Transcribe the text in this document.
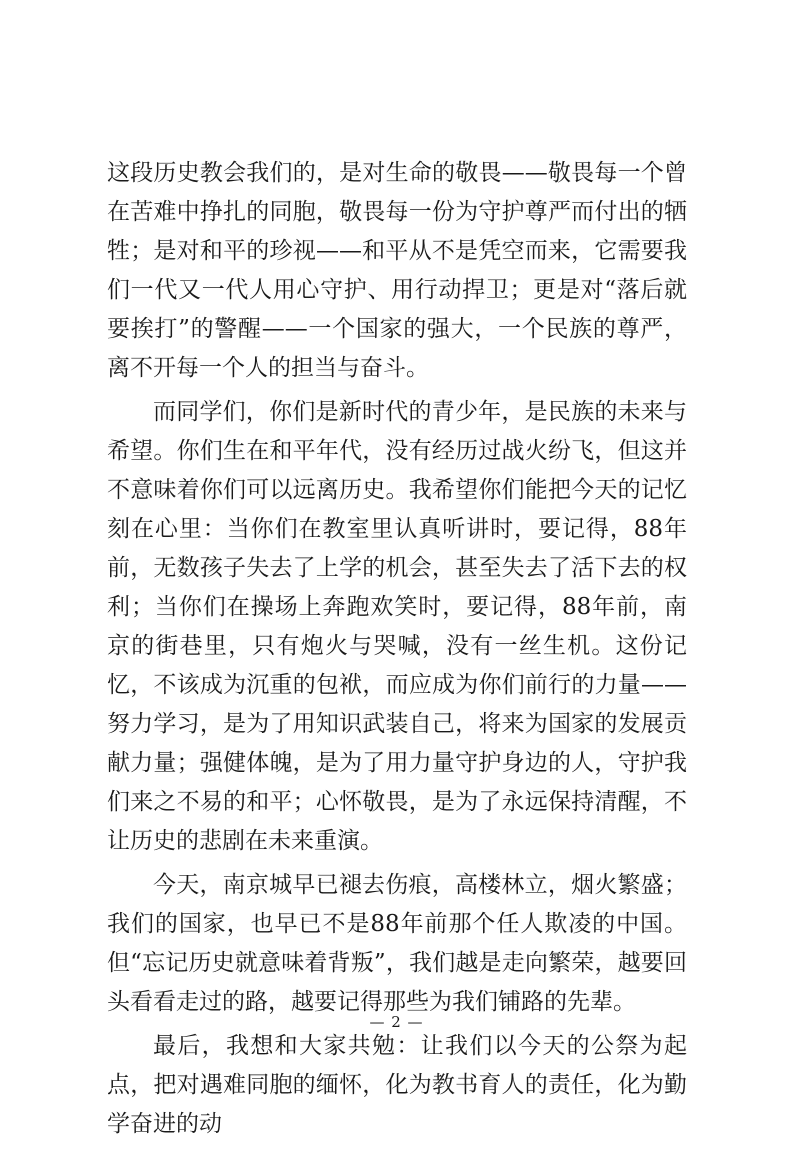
这段历史教会我们的，是对生命的敬畏——敬畏每一个曾在苦难中挣扎的同胞，敬畏每一份为守护尊严而付出的牺牲；是对和平的珍视——和平从不是凭空而来，它需要我们一代又一代人用心守护、用行动捍卫；更是对“落后就要挨打”的警醒——一个国家的强大，一个民族的尊严，离不开每一个人的担当与奋斗。

而同学们，你们是新时代的青少年，是民族的未来与希望。你们生在和平年代，没有经历过战火纷飞，但这并不意味着你们可以远离历史。我希望你们能把今天的记忆刻在心里：当你们在教室里认真听讲时，要记得，88年前，无数孩子失去了上学的机会，甚至失去了活下去的权利；当你们在操场上奔跑欢笑时，要记得，88年前，南京的街巷里，只有炮火与哭喊，没有一丝生机。这份记忆，不该成为沉重的包袱，而应成为你们前行的力量——努力学习，是为了用知识武装自己，将来为国家的发展贡献力量；强健体魄，是为了用力量守护身边的人，守护我们来之不易的和平；心怀敬畏，是为了永远保持清醒，不让历史的悲剧在未来重演。

今天，南京城早已褪去伤痕，高楼林立，烟火繁盛；我们的国家，也早已不是88年前那个任人欺凌的中国。但“忘记历史就意味着背叛”，我们越是走向繁荣，越要回头看看走过的路，越要记得那些为我们铺路的先辈。

最后，我想和大家共勉：让我们以今天的公祭为起点，把对遇难同胞的缅怀，化为教书育人的责任，化为勤学奋进的动

— 2 —
